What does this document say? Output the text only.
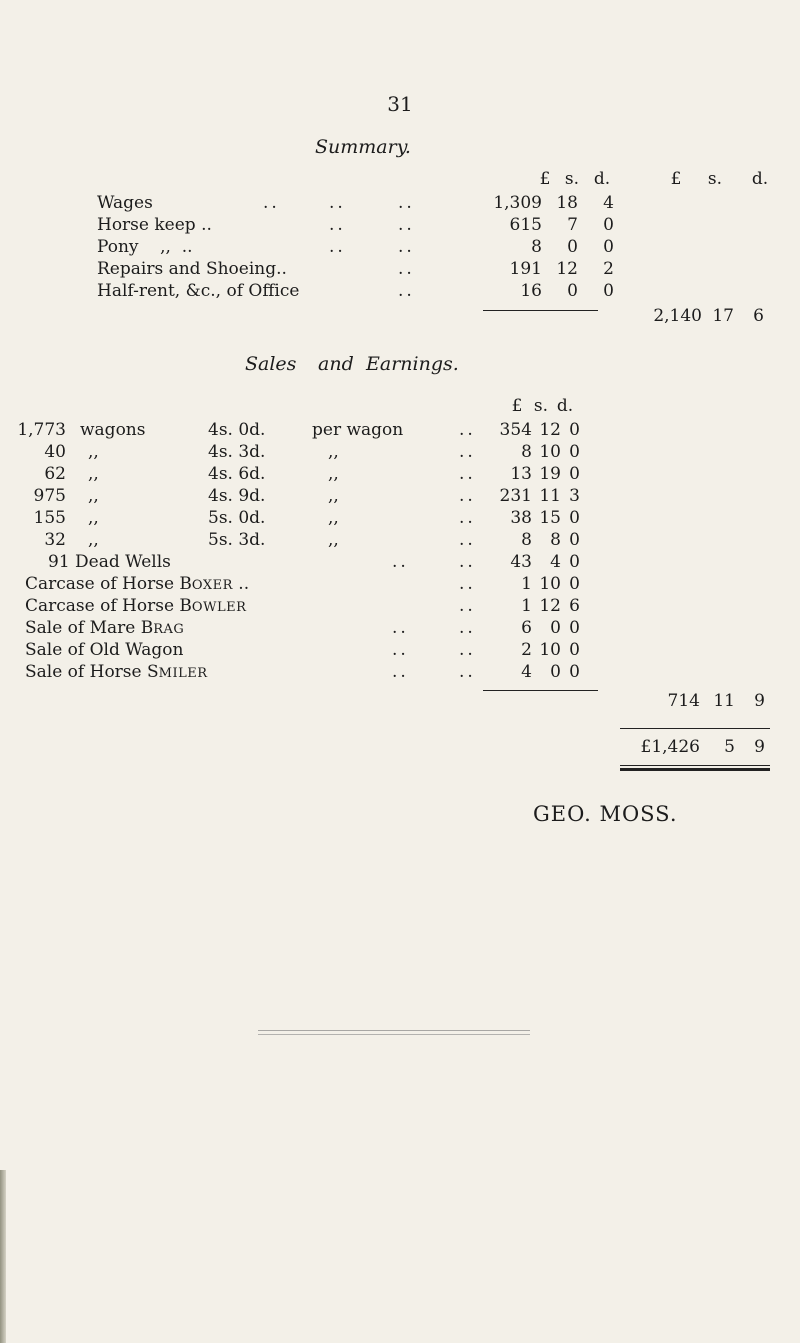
31
Summary.
£ s. d.	£	s.	d.
Wages	..	..	..	1,309 18	4
Horse keep ..	..	..	615	7	0
Pony    ,,  ..	..	..	8	0	0
Repairs and Shoeing..	..	191 12	2
Half-rent, &c., of Office	..	16	0	0
2,140 17	6
Sales and Earnings.
£ s. d.
1,773 wagons	4s. 0d.	per wagon	..	354 12 0
40 ,,	4s. 3d.	,,	..	8 10 0
62 ,,	4s. 6d.	,,	..	13 19 0
975 ,,	4s. 9d.	,,	..	231 11 3
155 ,,	5s. 0d.	,,	..	38 15 0
32 ,,	5s. 3d.	,,	..	8	8 0
91 Dead Wells	..	..	43	4 0
Carcase of Horse BOXER ..	..	1 10 0
Carcase of Horse BOWLER	..	1 12 6
Sale of Mare BRAG	..	..	6	0 0
Sale of Old Wagon	..	..	2 10 0
Sale of Horse SMILER	..	..	4	0 0
714 11	9
£1,426	5	9
GEO. MOSS.
